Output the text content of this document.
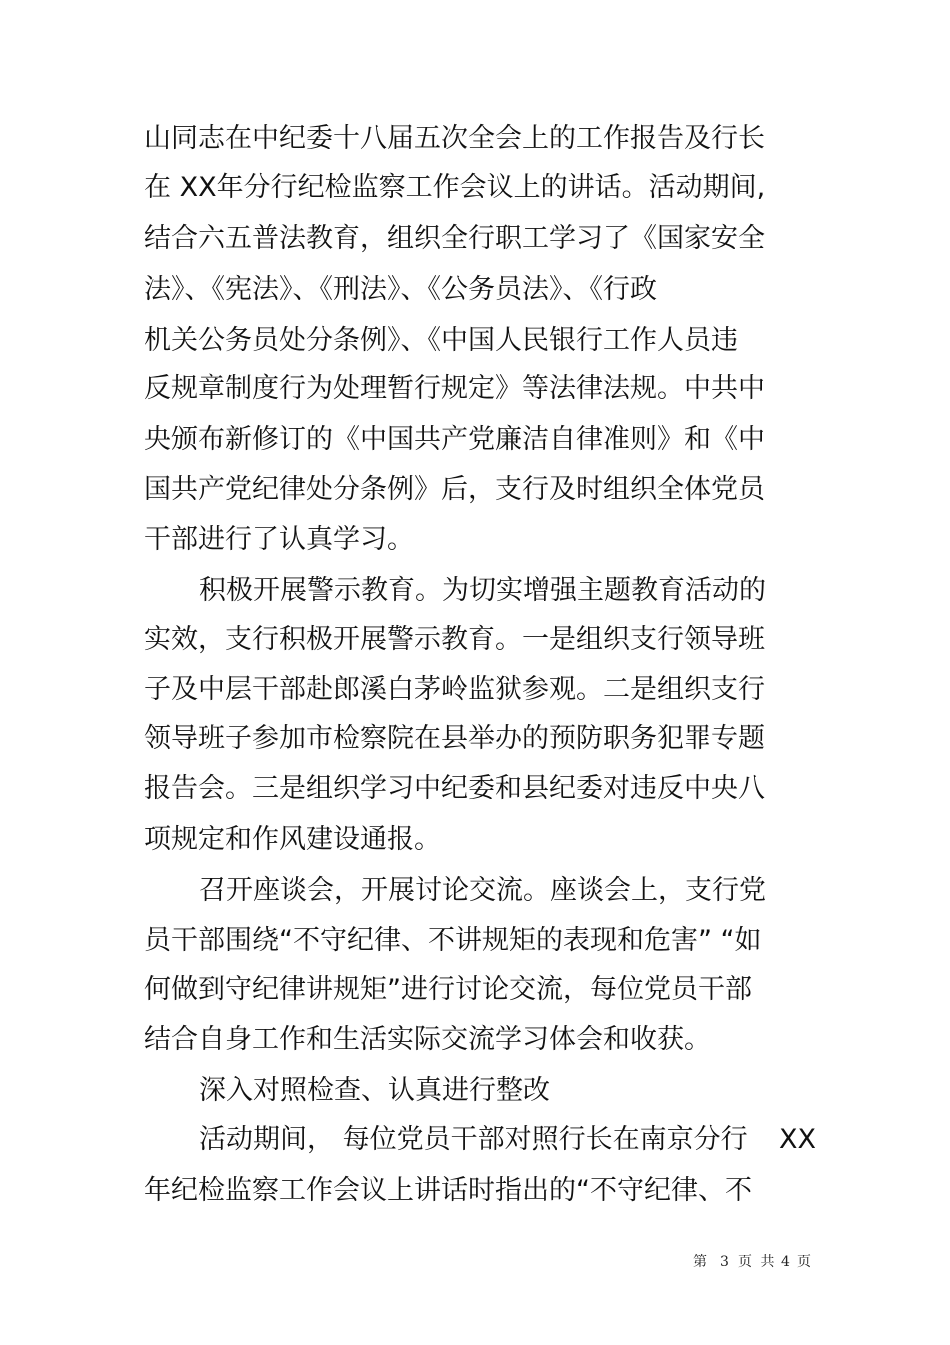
山同志在中纪委十八届五次全会上的工作报告及行长
在 XX年分行纪检监察工作会议上的讲话。活动期间,
结合六五普法教育，组织全行职工学习了《国家安全
法》、《宪法》、《刑法》、《公务员法》、《行政
机关公务员处分条例》、《中国人民银行工作人员违
反规章制度行为处理暂行规定》等法律法规。中共中
央颁布新修订的《中国共产党廉洁自律准则》和《中
国共产党纪律处分条例》后，支行及时组织全体党员
干部进行了认真学习。
积极开展警示教育。为切实增强主题教育活动的
实效，支行积极开展警示教育。一是组织支行领导班
子及中层干部赴郎溪白茅岭监狱参观。二是组织支行
领导班子参加市检察院在县举办的预防职务犯罪专题
报告会。三是组织学习中纪委和县纪委对违反中央八
项规定和作风建设通报。
召开座谈会，开展讨论交流。座谈会上，支行党
员干部围绕“不守纪律、不讲规矩的表现和危害” “如
何做到守纪律讲规矩”进行讨论交流，每位党员干部
结合自身工作和生活实际交流学习体会和收获。
深入对照检查、认真进行整改
活动期间， 每位党员干部对照行长在南京分行 XX
年纪检监察工作会议上讲话时指出的“不守纪律、不
第 3 页 共 4 页
